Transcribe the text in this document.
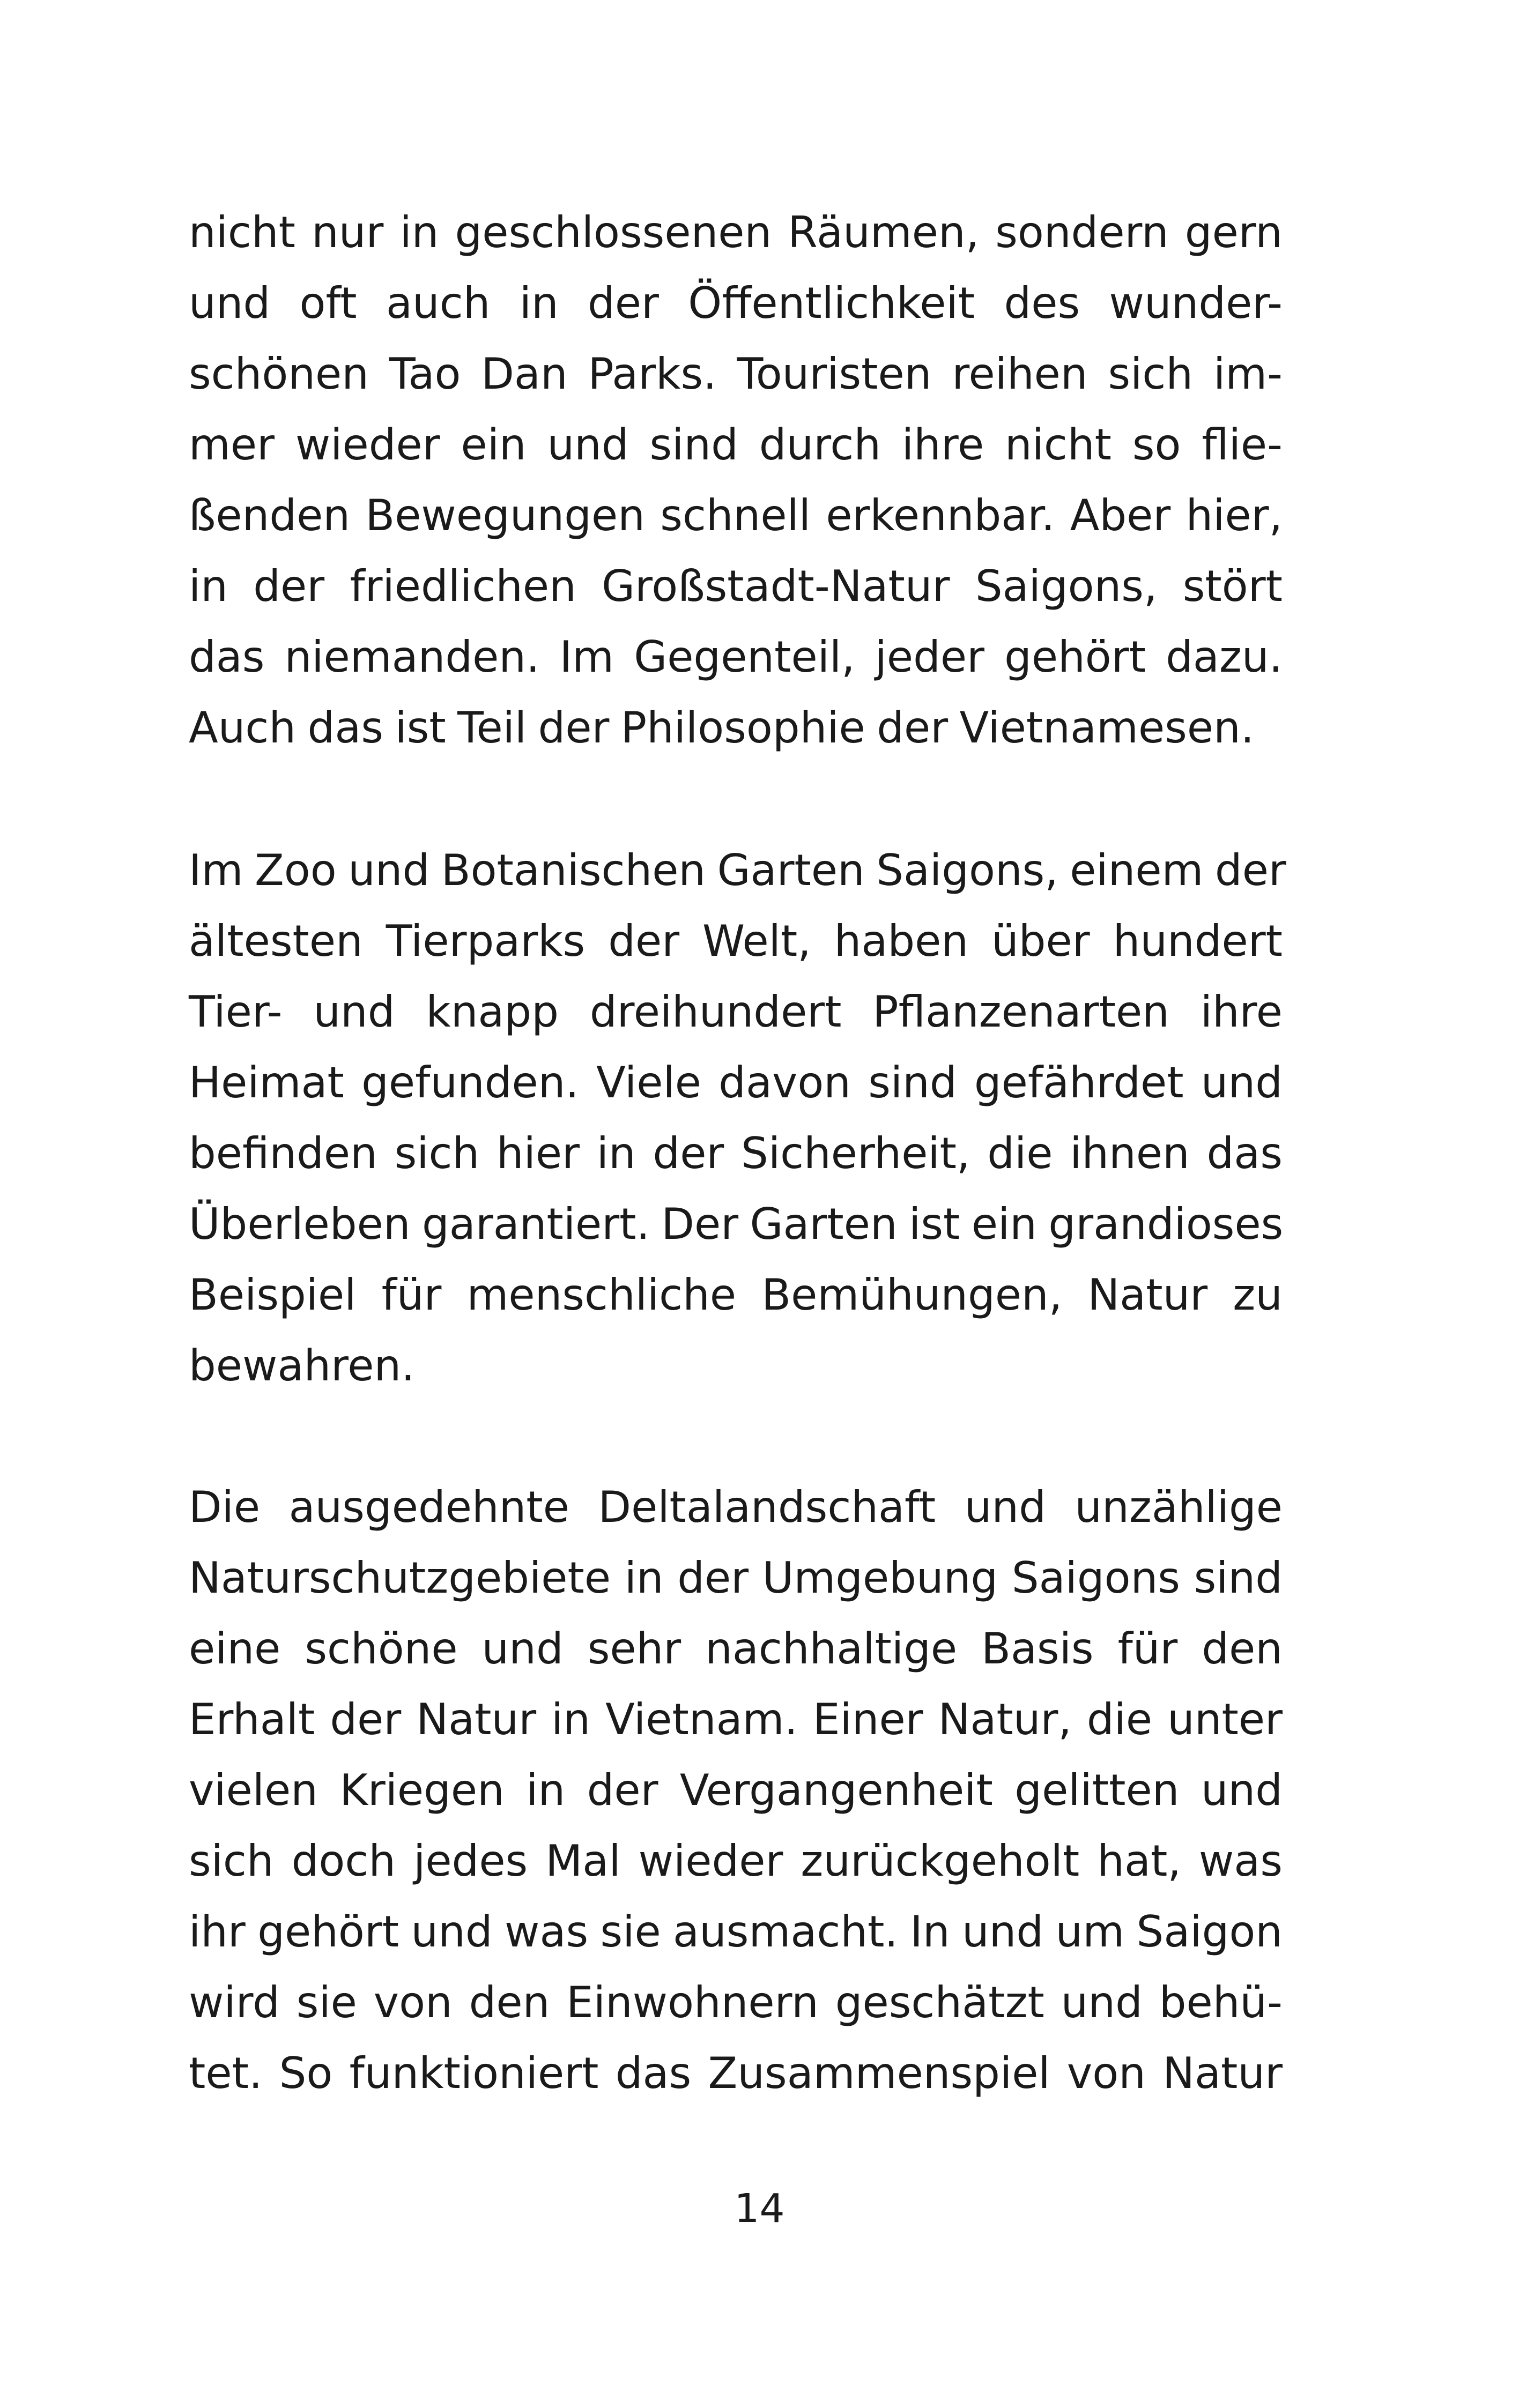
nicht nur in geschlossenen Räumen, sondern gern
und oft auch in der Öffentlichkeit des wunder-
schönen Tao Dan Parks. Touristen reihen sich im-
mer wieder ein und sind durch ihre nicht so flie-
ßenden Bewegungen schnell erkennbar. Aber hier,
in der friedlichen Großstadt-Natur Saigons, stört
das niemanden. Im Gegenteil, jeder gehört dazu.
Auch das ist Teil der Philosophie der Vietnamesen.
Im Zoo und Botanischen Garten Saigons, einem der
ältesten Tierparks der Welt, haben über hundert
Tier- und knapp dreihundert Pflanzenarten ihre
Heimat gefunden. Viele davon sind gefährdet und
befinden sich hier in der Sicherheit, die ihnen das
Überleben garantiert. Der Garten ist ein grandioses
Beispiel für menschliche Bemühungen, Natur zu
bewahren.
Die ausgedehnte Deltalandschaft und unzählige
Naturschutzgebiete in der Umgebung Saigons sind
eine schöne und sehr nachhaltige Basis für den
Erhalt der Natur in Vietnam. Einer Natur, die unter
vielen Kriegen in der Vergangenheit gelitten und
sich doch jedes Mal wieder zurückgeholt hat, was
ihr gehört und was sie ausmacht. In und um Saigon
wird sie von den Einwohnern geschätzt und behü-
tet. So funktioniert das Zusammenspiel von Natur
14
